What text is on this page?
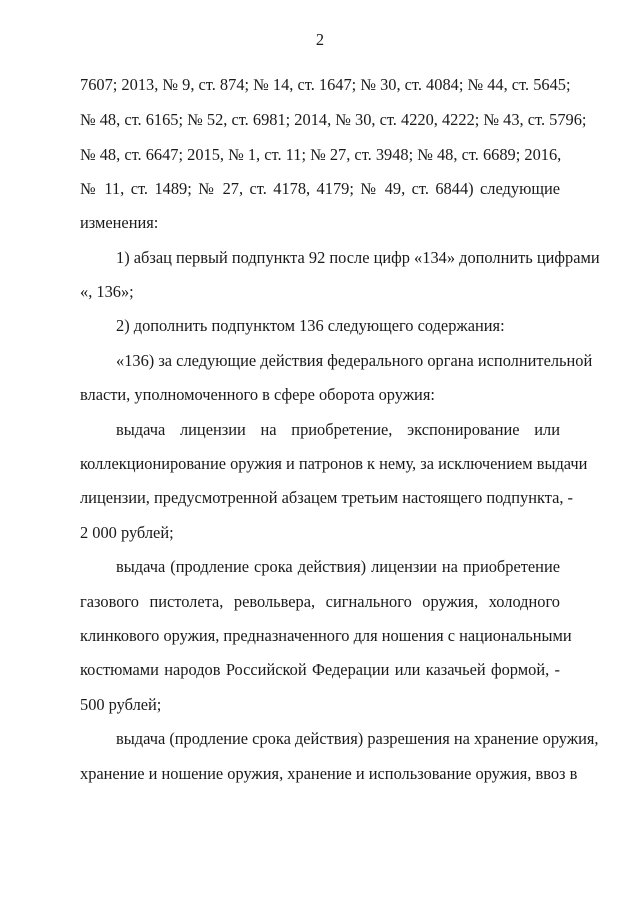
2
7607; 2013, № 9, ст. 874; № 14, ст. 1647; № 30, ст. 4084; № 44, ст. 5645;
№ 48, ст. 6165; № 52, ст. 6981; 2014, № 30, ст. 4220, 4222; № 43, ст. 5796;
№ 48, ст. 6647; 2015, № 1, ст. 11; № 27, ст. 3948; № 48, ст. 6689; 2016,
№ 11, ст. 1489; № 27, ст. 4178, 4179; № 49, ст. 6844) следующие
изменения:
1) абзац первый подпункта 92 после цифр «134» дополнить цифрами
«, 136»;
2) дополнить подпунктом 136 следующего содержания:
«136) за следующие действия федерального органа исполнительной
власти, уполномоченного в сфере оборота оружия:
выдача лицензии на приобретение, экспонирование или
коллекционирование оружия и патронов к нему, за исключением выдачи
лицензии, предусмотренной абзацем третьим настоящего подпункта, -
2 000 рублей;
выдача (продление срока действия) лицензии на приобретение
газового пистолета, револьвера, сигнального оружия, холодного
клинкового оружия, предназначенного для ношения с национальными
костюмами народов Российской Федерации или казачьей формой, -
500 рублей;
выдача (продление срока действия) разрешения на хранение оружия,
хранение и ношение оружия, хранение и использование оружия, ввоз в
